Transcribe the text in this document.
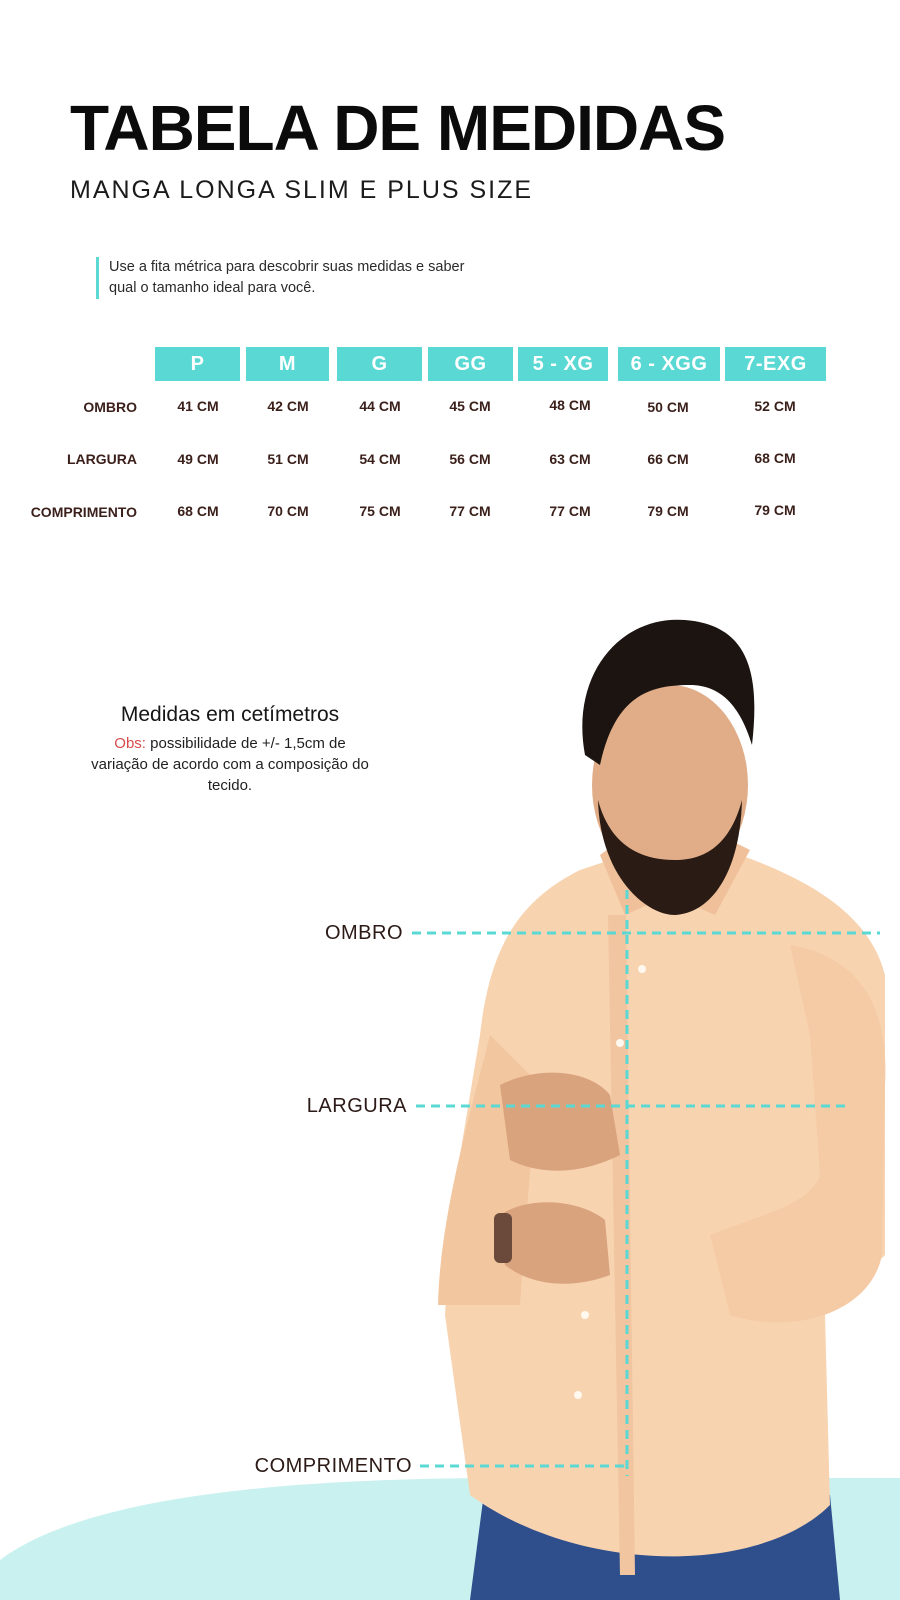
TABELA DE MEDIDAS
MANGA LONGA SLIM E PLUS SIZE
Use a fita métrica para descobrir suas medidas e saber qual o tamanho ideal para você.
P	M	G	GG	5 - XG	6 - XGG	7-EXG
OMBRO	41 CM	42 CM	44 CM	45 CM	48 CM	50 CM	52 CM
LARGURA	49 CM	51 CM	54 CM	56 CM	63 CM	66 CM	68 CM
COMPRIMENTO	68 CM	70 CM	75 CM	77 CM	77 CM	79 CM	79 CM
Medidas em cetímetros
Obs: possibilidade de +/- 1,5cm de variação de acordo com a composição do tecido.
OMBRO
LARGURA
COMPRIMENTO
